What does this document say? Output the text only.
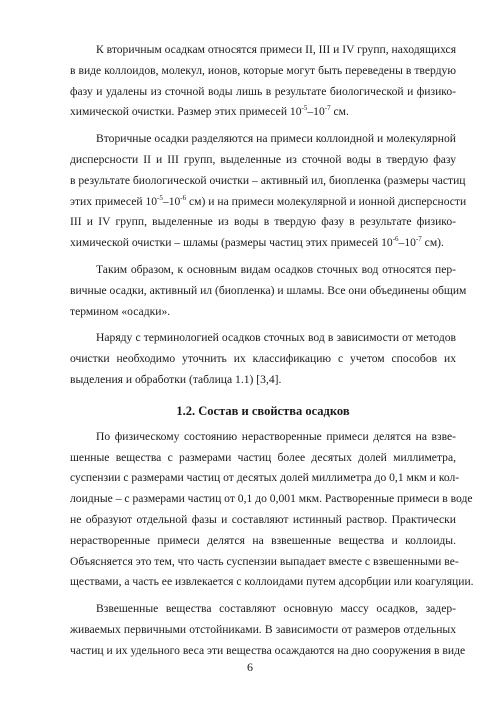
К вторичным осадкам относятся примеси II, III и IV групп, находящихся
в виде коллоидов, молекул, ионов, которые могут быть переведены в твердую
фазу и удалены из сточной воды лишь в результате биологической и физико-
химической очистки. Размер этих примесей $10^{-5}-10^{-7}$ см.

Вторичные осадки разделяются на примеси коллоидной и молекулярной
дисперсности II и III групп, выделенные из сточной воды в твердую фазу
в результате биологической очистки – активный ил, биопленка (размеры частиц
этих примесей $10^{-5}-10^{-6}$ см) и на примеси молекулярной и ионной дисперсности
III и IV групп, выделенные из воды в твердую фазу в результате физико-
химической очистки – шламы (размеры частиц этих примесей $10^{-6}-10^{-7}$ см).

Таким образом, к основным видам осадков сточных вод относятся пер-
вичные осадки, активный ил (биопленка) и шламы. Все они объединены общим
термином «осадки».

Наряду с терминологией осадков сточных вод в зависимости от методов
очистки необходимо уточнить их классификацию с учетом способов их
выделения и обработки (таблица 1.1) [3,4].

1.2. Состав и свойства осадков

По физическому состоянию нерастворенные примеси делятся на взве-
шенные вещества с размерами частиц более десятых долей миллиметра,
суспензии с размерами частиц от десятых долей миллиметра до 0,1 мкм и кол-
лоидные – с размерами частиц от 0,1 до 0,001 мкм. Растворенные примеси в воде
не образуют отдельной фазы и составляют истинный раствор. Практически
нерастворенные примеси делятся на взвешенные вещества и коллоиды.
Объясняется это тем, что часть суспензии выпадает вместе с взвешенными ве-
ществами, а часть ее извлекается с коллоидами путем адсорбции или коагуляции.

Взвешенные вещества составляют основную массу осадков, задер-
живаемых первичными отстойниками. В зависимости от размеров отдельных
частиц и их удельного веса эти вещества осаждаются на дно сооружения в виде

6
